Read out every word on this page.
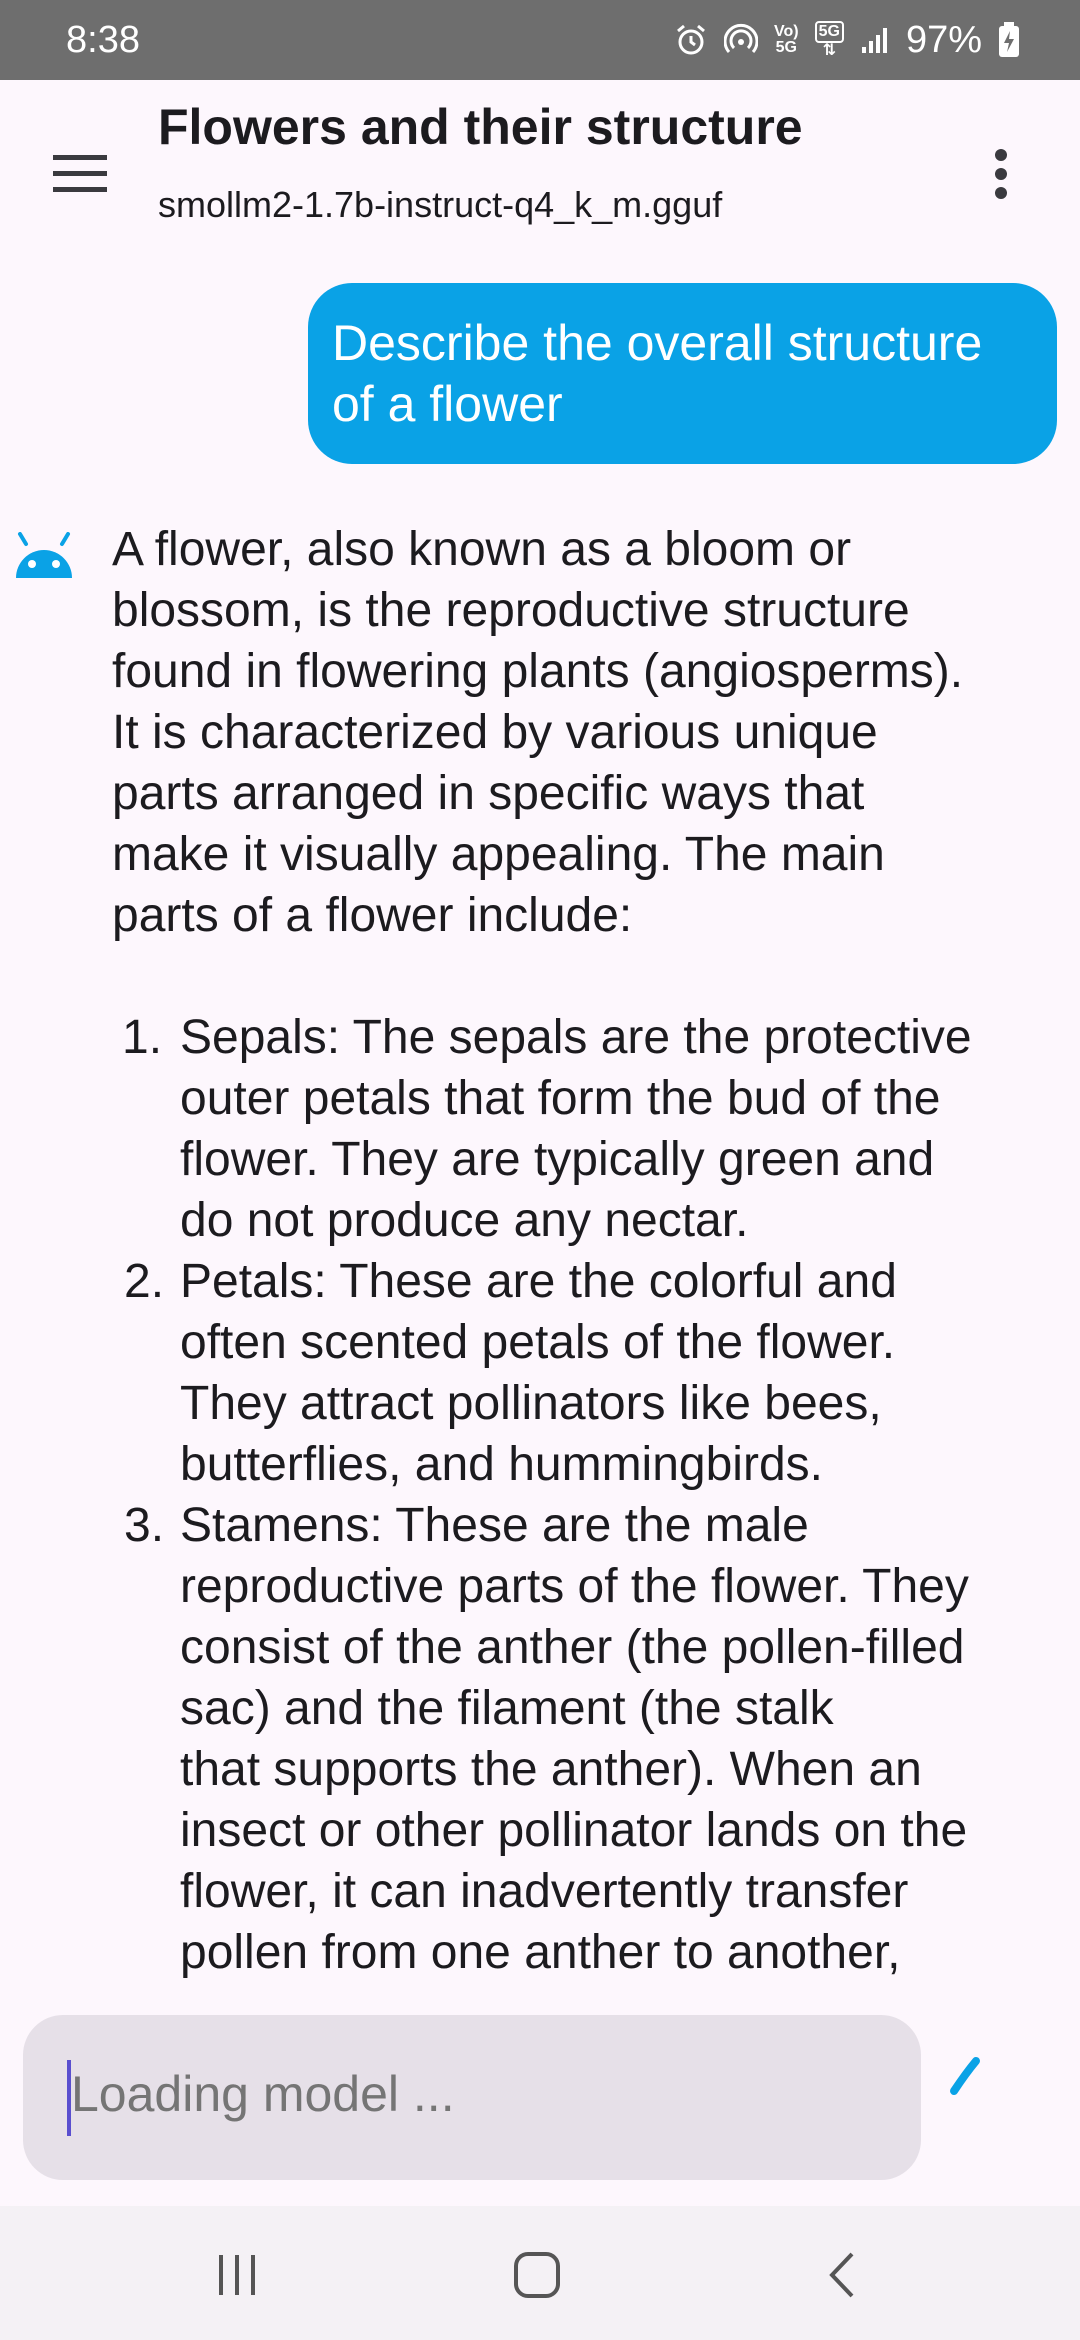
8:38	Vo)
5G
5G
⇅ 97%
Flowers and their structure
smollm2-1.7b-instruct-q4_k_m.gguf
Describe the overall structure
of a flower
A flower, also known as a bloom or
blossom, is the reproductive structure
found in flowering plants (angiosperms).
It is characterized by various unique
parts arranged in specific ways that
make it visually appealing. The main
parts of a flower include:
1. Sepals: The sepals are the protective
outer petals that form the bud of the
flower. They are typically green and
do not produce any nectar.
2. Petals: These are the colorful and
often scented petals of the flower.
They attract pollinators like bees,
butterflies, and hummingbirds.
3. Stamens: These are the male
reproductive parts of the flower. They
consist of the anther (the pollen-filled
sac) and the filament (the stalk
that supports the anther). When an
insect or other pollinator lands on the
flower, it can inadvertently transfer
pollen from one anther to another,
Loading model ...
